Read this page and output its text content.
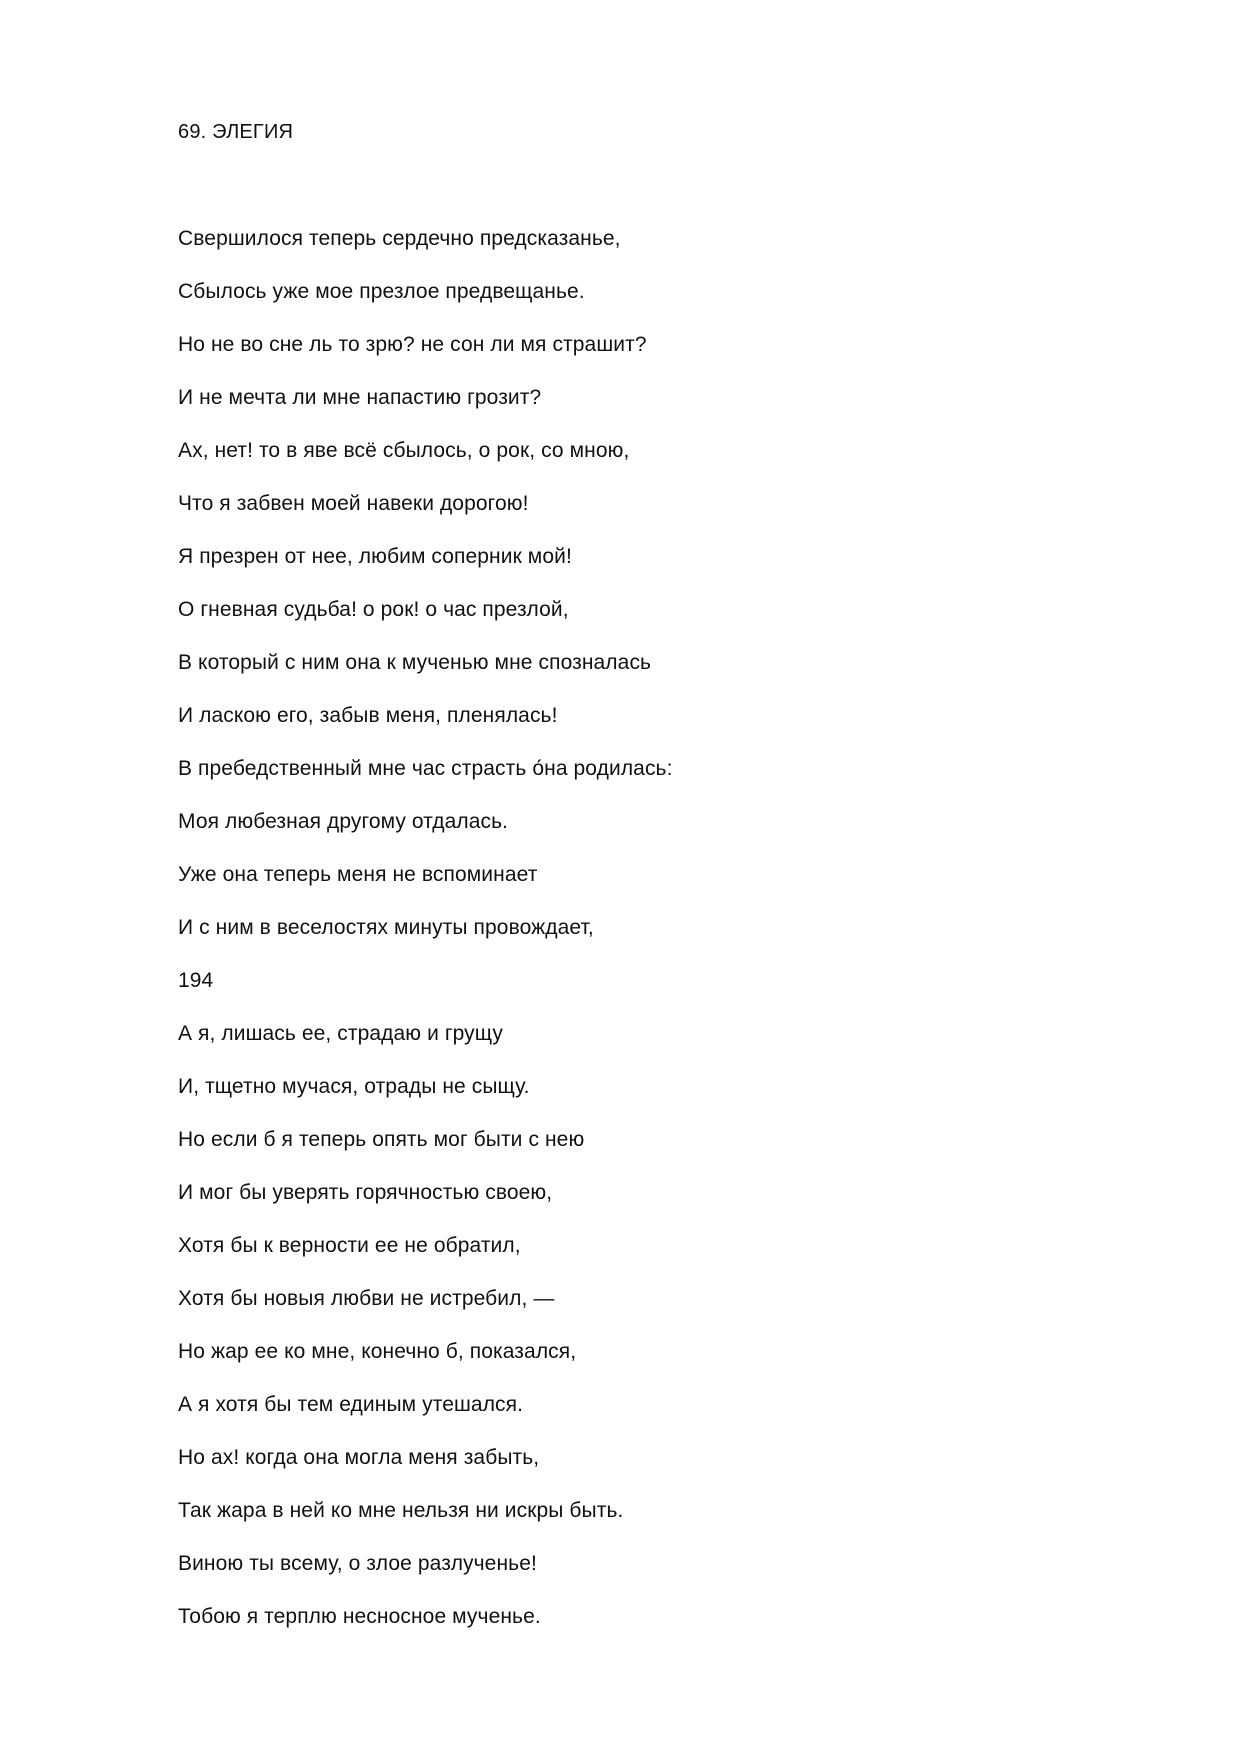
69. ЭЛЕГИЯ
Свершилося теперь сердечно предсказанье,
Сбылось уже мое презлое предвещанье.
Но не во сне ль то зрю? не сон ли мя страшит?
И не мечта ли мне напастию грозит?
Ах, нет! то в яве всё сбылось, о рок, со мною,
Что я забвен моей навеки дорогою!
Я презрен от нее, любим соперник мой!
О гневная судьба! о рок! о час презлой,
В который с ним она к мученью мне спозналась
И ласкою его, забыв меня, пленялась!
В пребедственный мне час страсть о́на родилась:
Моя любезная другому отдалась.
Уже она теперь меня не вспоминает
И с ним в веселостях минуты провождает,
194
А я, лишась ее, страдаю и грущу
И, тщетно мучася, отрады не сыщу.
Но если б я теперь опять мог быти с нею
И мог бы уверять горячностью своею,
Хотя бы к верности ее не обратил,
Хотя бы новыя любви не истребил, —
Но жар ее ко мне, конечно б, показался,
А я хотя бы тем единым утешался.
Но ах! когда она могла меня забыть,
Так жара в ней ко мне нельзя ни искры быть.
Виною ты всему, о злое разлученье!
Тобою я терплю несносное мученье.
